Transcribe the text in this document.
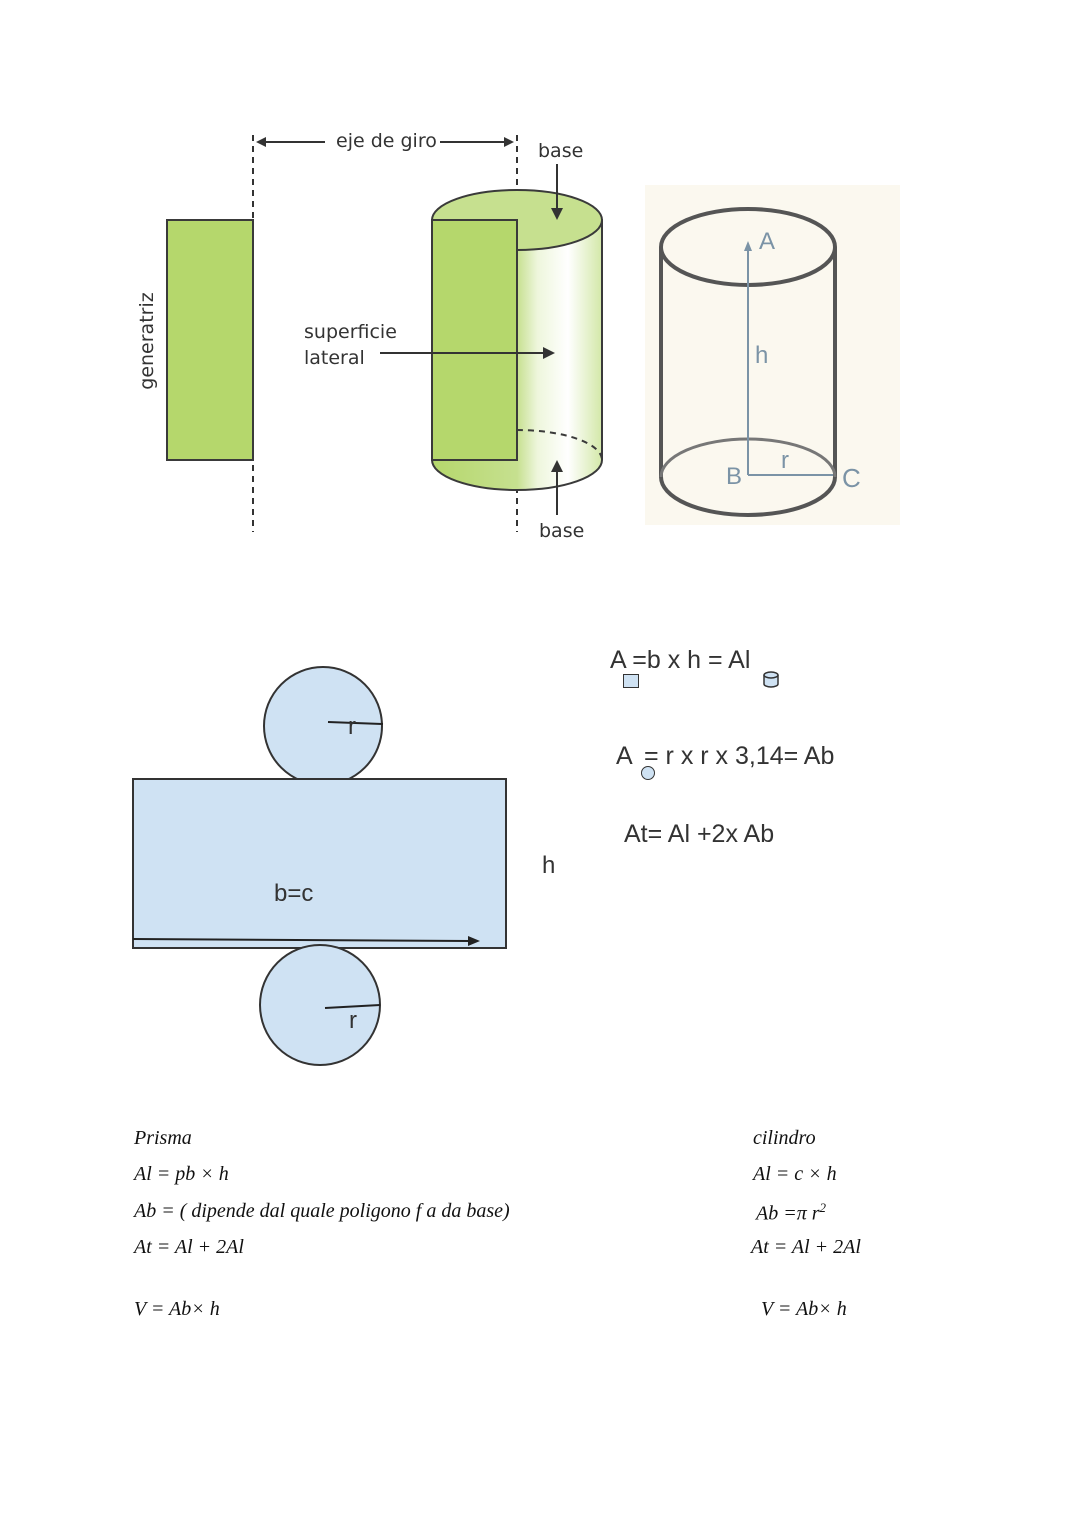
eje de giro	base
base
generatriz	superficie
lateral
A
h
B
r
C
r
r
b=c
h
A =b x h = Al
A = r x r x 3,14= Ab
At= Al +2x Ab
Prisma
Al = pb × h
Ab = ( dipende dal quale poligono f a da base)
At = Al + 2Al
V = Ab× h
cilindro
Al = c × h
Ab =π $r^2$
At = Al + 2Al
V = Ab× h
